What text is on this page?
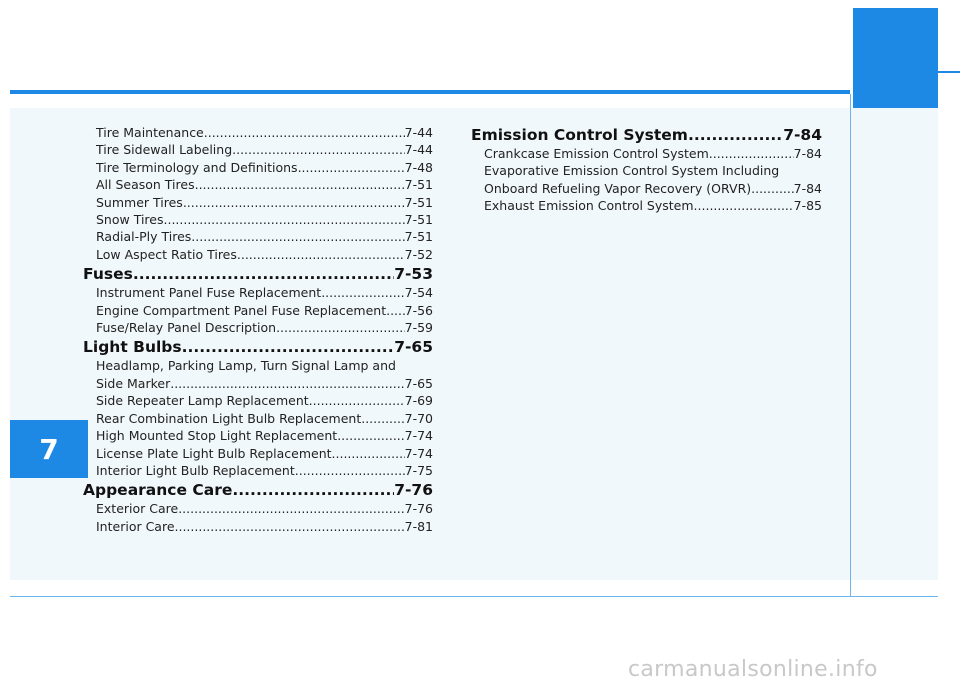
7
Tire Maintenance .....	7-44
Tire Sidewall Labeling .....	7-44
Tire Terminology and Definitions .....	7-48
All Season Tires .....	7-51
Summer Tires .....	7-51
Snow Tires .....	7-51
Radial-Ply Tires .....	7-51
Low Aspect Ratio Tires .....	7-52
Fuses .....	7-53
Instrument Panel Fuse Replacement .....	7-54
Engine Compartment Panel Fuse Replacement ..... 7-56
Fuse/Relay Panel Description .....	7-59
Light Bulbs .....	7-65
Headlamp, Parking Lamp, Turn Signal Lamp and
Side Marker .....	7-65
Side Repeater Lamp Replacement .....	7-69
Rear Combination Light Bulb Replacement .....	7-70
High Mounted Stop Light Replacement .....	7-74
License Plate Light Bulb Replacement .....	7-74
Interior Light Bulb Replacement .....	7-75
Appearance Care .....	7-76
Exterior Care .....	7-76
Interior Care .....	7-81
Emission Control System .....	7-84
Crankcase Emission Control System .....	7-84
Evaporative Emission Control System Including
Onboard Refueling Vapor Recovery (ORVR) .....	7-84
Exhaust Emission Control System .....	7-85
carmanualsonline.info
